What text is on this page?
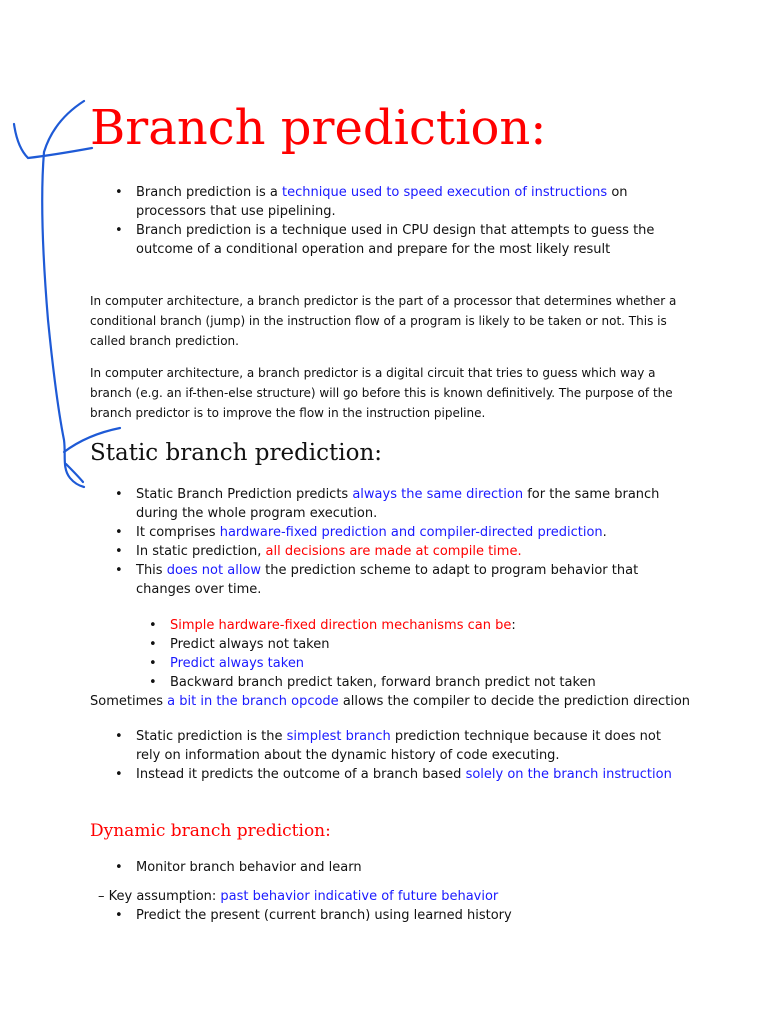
Branch prediction:
• Branch prediction is a technique used to speed execution of instructions on processors that use pipelining.
• Branch prediction is a technique used in CPU design that attempts to guess the outcome of a conditional operation and prepare for the most likely result

In computer architecture, a branch predictor is the part of a processor that determines whether a conditional branch (jump) in the instruction flow of a program is likely to be taken or not. This is called branch prediction.

In computer architecture, a branch predictor is a digital circuit that tries to guess which way a branch (e.g. an if-then-else structure) will go before this is known definitively. The purpose of the branch predictor is to improve the flow in the instruction pipeline.

Static branch prediction:
• Static Branch Prediction predicts always the same direction for the same branch during the whole program execution.
• It comprises hardware-fixed prediction and compiler-directed prediction.
• In static prediction, all decisions are made at compile time.
• This does not allow the prediction scheme to adapt to program behavior that changes over time.
• Simple hardware-fixed direction mechanisms can be:
• Predict always not taken
• Predict always taken
• Backward branch predict taken, forward branch predict not taken

Sometimes a bit in the branch opcode allows the compiler to decide the prediction direction

• Static prediction is the simplest branch prediction technique because it does not rely on information about the dynamic history of code executing.
• Instead it predicts the outcome of a branch based solely on the branch instruction
Dynamic branch prediction:
• Monitor branch behavior and learn

– Key assumption: past behavior indicative of future behavior

• Predict the present (current branch) using learned history
